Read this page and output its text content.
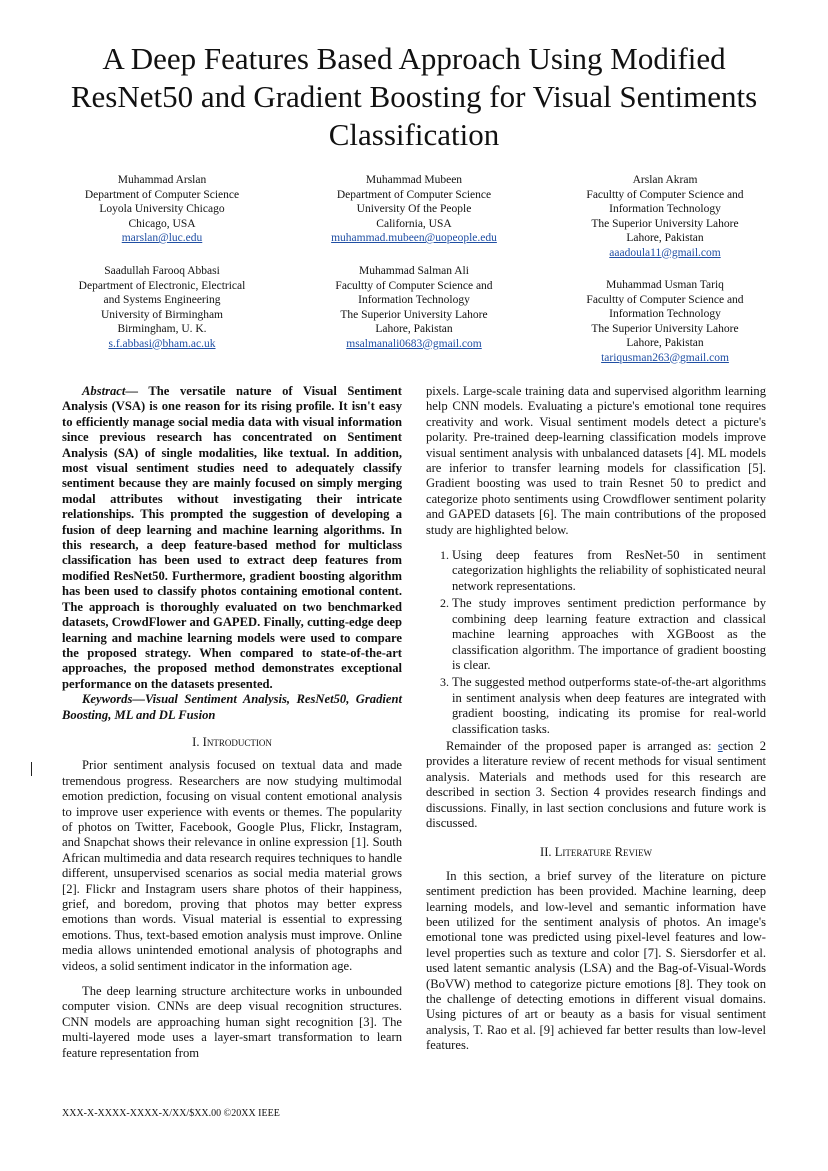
A Deep Features Based Approach Using Modified ResNet50 and Gradient Boosting for Visual Sentiments Classification
Muhammad Arslan
Department of Computer Science
Loyola University Chicago
Chicago, USA
marslan@luc.edu
Muhammad Mubeen
Department of Computer Science
University Of the People
California, USA
muhammad.mubeen@uopeople.edu
Arslan Akram
Facultty of Computer Science and
Information Technology
The Superior University Lahore
Lahore, Pakistan
aaadoula11@gmail.com
Saadullah Farooq Abbasi
Department of Electronic, Electrical
and Systems Engineering
University of Birmingham
Birmingham, U. K.
s.f.abbasi@bham.ac.uk
Muhammad Salman Ali
Facultty of Computer Science and
Information Technology
The Superior University Lahore
Lahore, Pakistan
msalmanali0683@gmail.com
Muhammad Usman Tariq
Facultty of Computer Science and
Information Technology
The Superior University Lahore
Lahore, Pakistan
tariqusman263@gmail.com

Abstract— The versatile nature of Visual Sentiment Analysis (VSA) is one reason for its rising profile. It isn't easy to efficiently manage social media data with visual information since previous research has concentrated on Sentiment Analysis (SA) of single modalities, like textual. In addition, most visual sentiment studies need to adequately classify sentiment because they are mainly focused on simply merging modal attributes without investigating their intricate relationships. This prompted the suggestion of developing a fusion of deep learning and machine learning algorithms. In this research, a deep feature-based method for multiclass classification has been used to extract deep features from modified ResNet50. Furthermore, gradient boosting algorithm has been used to classify photos containing emotional content. The approach is thoroughly evaluated on two benchmarked datasets, CrowdFlower and GAPED. Finally, cutting-edge deep learning and machine learning models were used to compare the proposed strategy. When compared to state-of-the-art approaches, the proposed method demonstrates exceptional performance on the datasets presented.

Keywords—Visual Sentiment Analysis, ResNet50, Gradient Boosting, ML and DL Fusion

I. Introduction

Prior sentiment analysis focused on textual data and made tremendous progress. Researchers are now studying multimodal emotion prediction, focusing on visual content emotional analysis to improve user experience with events or themes. The popularity of photos on Twitter, Facebook, Google Plus, Flickr, Instagram, and Snapchat shows their relevance in online expression [1]. South African multimedia and data research requires techniques to handle different, unsupervised scenarios as social media material grows [2]. Flickr and Instagram users share photos of their happiness, grief, and boredom, proving that photos may better express emotions than words. Visual material is essential to expressing emotions. Thus, text-based emotion analysis must improve. Online media allows unintended emotional analysis of photographs and videos, a solid sentiment indicator in the information age.

The deep learning structure architecture works in unbounded computer vision. CNNs are deep visual recognition structures. CNN models are approaching human sight recognition [3]. The multi-layered mode uses a layer-smart transformation to learn feature representation from

pixels. Large-scale training data and supervised algorithm learning help CNN models. Evaluating a picture's emotional tone requires creativity and work. Visual sentiment models detect a picture's polarity. Pre-trained deep-learning classification models improve visual sentiment analysis with unbalanced datasets [4]. ML models are inferior to transfer learning models for classification [5]. Gradient boosting was used to train Resnet 50 to predict and categorize photo sentiments using Crowdflower sentiment polarity and GAPED datasets [6]. The main contributions of the proposed study are highlighted below.

1. Using deep features from ResNet-50 in sentiment categorization highlights the reliability of sophisticated neural network representations.
2. The study improves sentiment prediction performance by combining deep learning feature extraction and classical machine learning approaches with XGBoost as the classification algorithm. The importance of gradient boosting is clear.
3. The suggested method outperforms state-of-the-art algorithms in sentiment analysis when deep features are integrated with gradient boosting, indicating its promise for real-world classification tasks.

Remainder of the proposed paper is arranged as: section 2 provides a literature review of recent methods for visual sentiment analysis. Materials and methods used for this research are described in section 3. Section 4 provides research findings and discussions. Finally, in last section conclusions and future work is discussed.

II. Literature Review

In this section, a brief survey of the literature on picture sentiment prediction has been provided. Machine learning, deep learning models, and low-level and semantic information have been utilized for the sentiment analysis of photos. An image's emotional tone was predicted using pixel-level features and low-level properties such as texture and color [7]. S. Siersdorfer et al. used latent semantic analysis (LSA) and the Bag-of-Visual-Words (BoVW) method to categorize picture emotions [8]. They took on the challenge of detecting emotions in different visual domains. Using pictures of art or beauty as a basis for visual sentiment analysis, T. Rao et al. [9] achieved far better results than low-level features.

XXX-X-XXXX-XXXX-X/XX/$XX.00 ©20XX IEEE
